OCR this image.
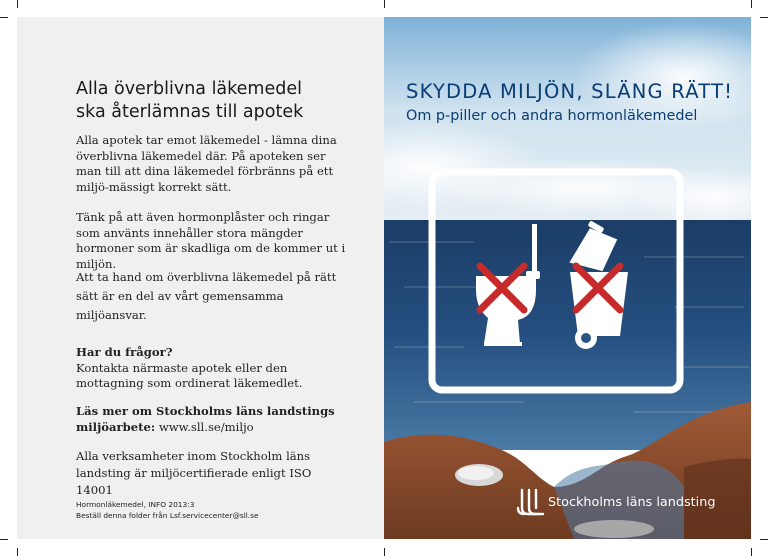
Alla överblivna läkemedel
ska återlämnas till apotek

Alla apotek tar emot läkemedel - lämna dina överblivna läkemedel där. På apoteken ser man till att dina läkemedel förbränns på ett miljö-mässigt korrekt sätt.

Tänk på att även hormonplåster och ringar som använts innehåller stora mängder hormoner som är skadliga om de kommer ut i miljön.

Att ta hand om överblivna läkemedel på rätt sätt är en del av vårt gemensamma miljöansvar.

Har du frågor?
Kontakta närmaste apotek eller den mottagning som ordinerat läkemedlet.
Läs mer om Stockholms läns landstings miljöarbete: www.sll.se/miljo

Alla verksamheter inom Stockholm läns landsting är miljöcertifierade enligt ISO 14001

Hormonläkemedel, INFO 2013:3
Beställ denna folder från Lsf.servicecenter@sll.se
SKYDDA MILJÖN, SLÄNG RÄTT!

Om p-piller och andra hormonläkemedel

Stockholms läns landsting
